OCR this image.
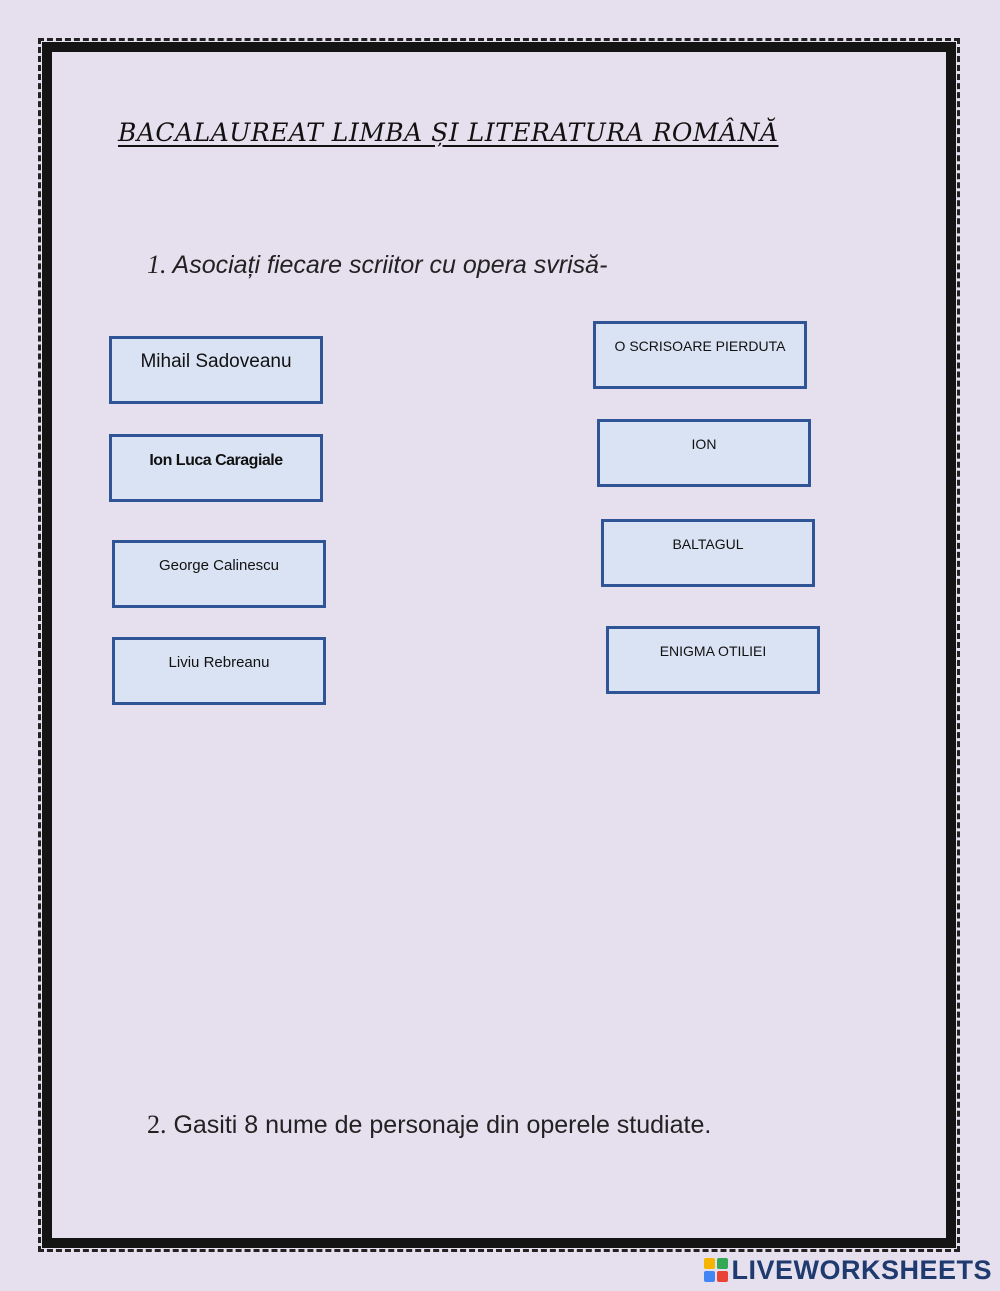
BACALAUREAT LIMBA ȘI LITERATURA ROMÂNĂ
1. Asociați fiecare scriitor cu opera svrisă-
Mihail Sadoveanu
Ion Luca Caragiale
George Calinescu
Liviu Rebreanu
O SCRISOARE PIERDUTA
ION
BALTAGUL
ENIGMA OTILIEI
2. Gasiti 8 nume de personaje din operele studiate.
LIVEWORKSHEETS
